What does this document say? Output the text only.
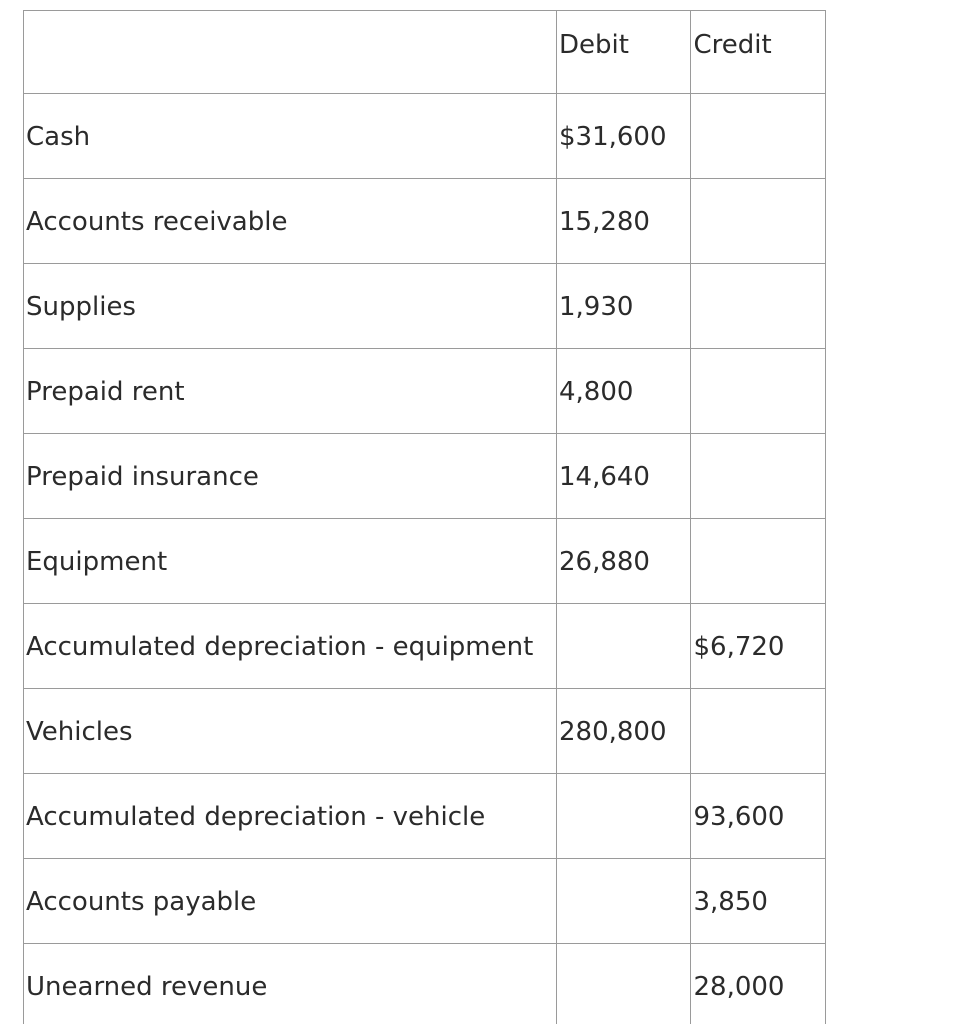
	Debit	Credit
Cash	$31,600	
Accounts receivable	15,280	
Supplies	1,930	
Prepaid rent	4,800	
Prepaid insurance	14,640	
Equipment	26,880	
Accumulated depreciation - equipment		$6,720
Vehicles	280,800	
Accumulated depreciation - vehicle		93,600
Accounts payable		3,850
Unearned revenue		28,000
